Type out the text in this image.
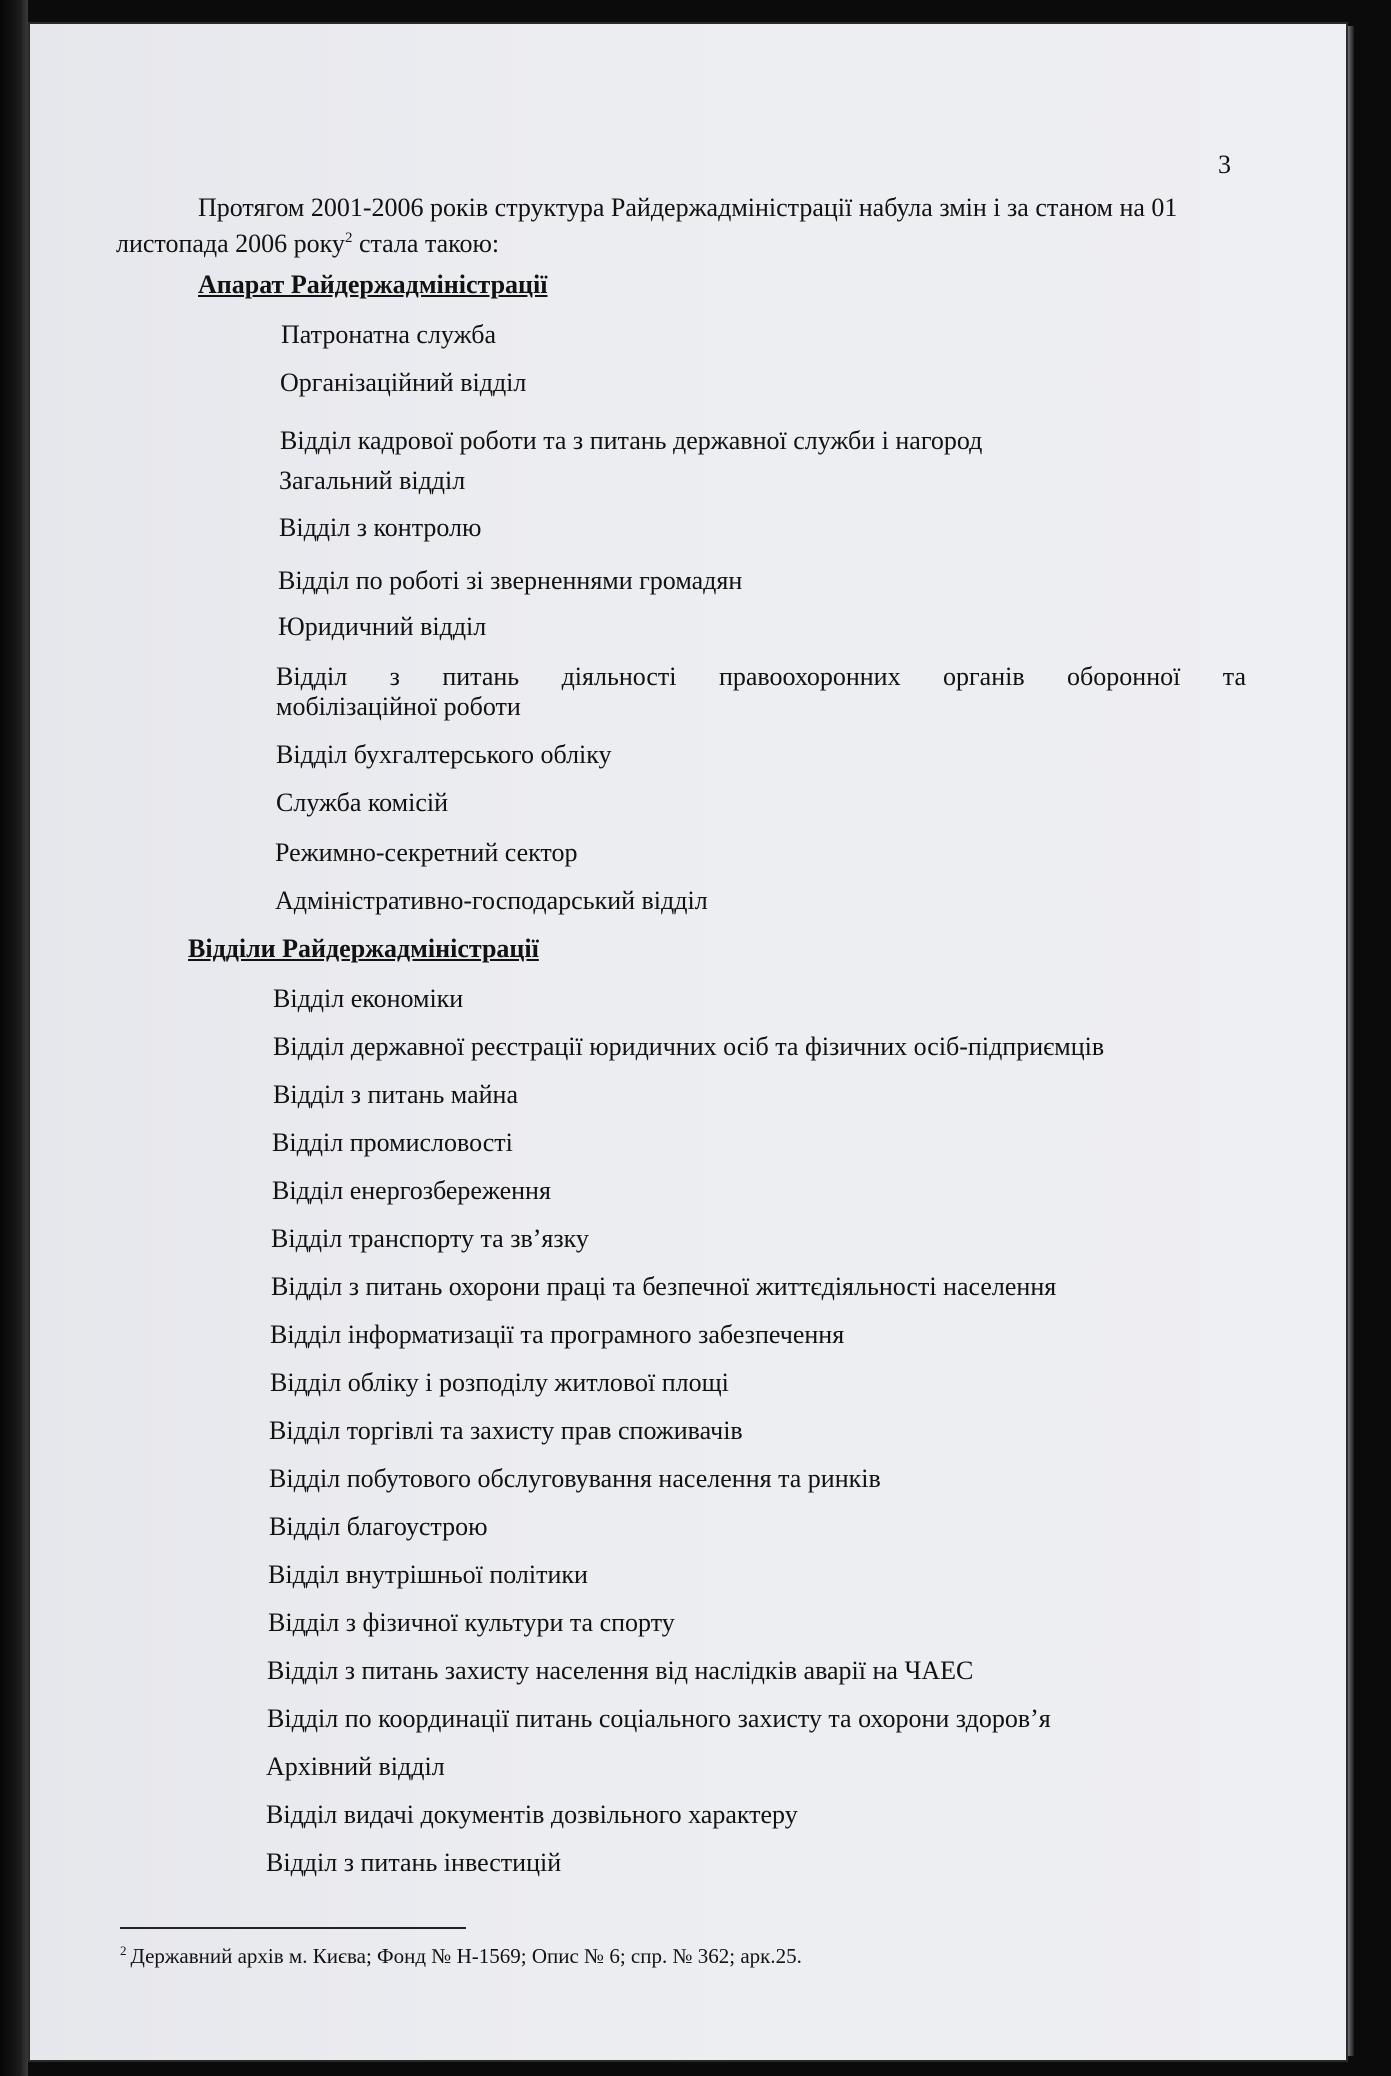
3

Протягом 2001-2006 років структура Райдержадміністрації набула змін і за станом на 01 листопада 2006 року$^2$ стала такою:

Апарат Райдержадміністрації
Патронатна служба
Організаційний відділ
Відділ кадрової роботи та з питань державної служби і нагород
Загальний відділ
Відділ з контролю
Відділ по роботі зі зверненнями громадян
Юридичний відділ
Відділ з питань діяльності правоохоронних органів оборонної та
мобілізаційної роботи
Відділ бухгалтерського обліку
Служба комісій
Режимно-секретний сектор
Адміністративно-господарський відділ
Відділи Райдержадміністрації
Відділ економіки
Відділ державної реєстрації юридичних осіб та фізичних осіб-підприємців
Відділ з питань майна
Відділ промисловості
Відділ енергозбереження
Відділ транспорту та зв’язку
Відділ з питань охорони праці та безпечної життєдіяльності населення
Відділ інформатизації та програмного забезпечення
Відділ обліку і розподілу житлової площі
Відділ торгівлі та захисту прав споживачів
Відділ побутового обслуговування населення та ринків
Відділ благоустрою
Відділ внутрішньої політики
Відділ з фізичної культури та спорту
Відділ з питань захисту населення від наслідків аварії на ЧАЕС
Відділ по координації питань соціального захисту та охорони здоров’я
Архівний відділ
Відділ видачі документів дозвільного характеру
Відділ з питань інвестицій
$^2$ Державний архів м. Києва; Фонд № Н-1569; Опис № 6; спр. № 362; арк.25.
